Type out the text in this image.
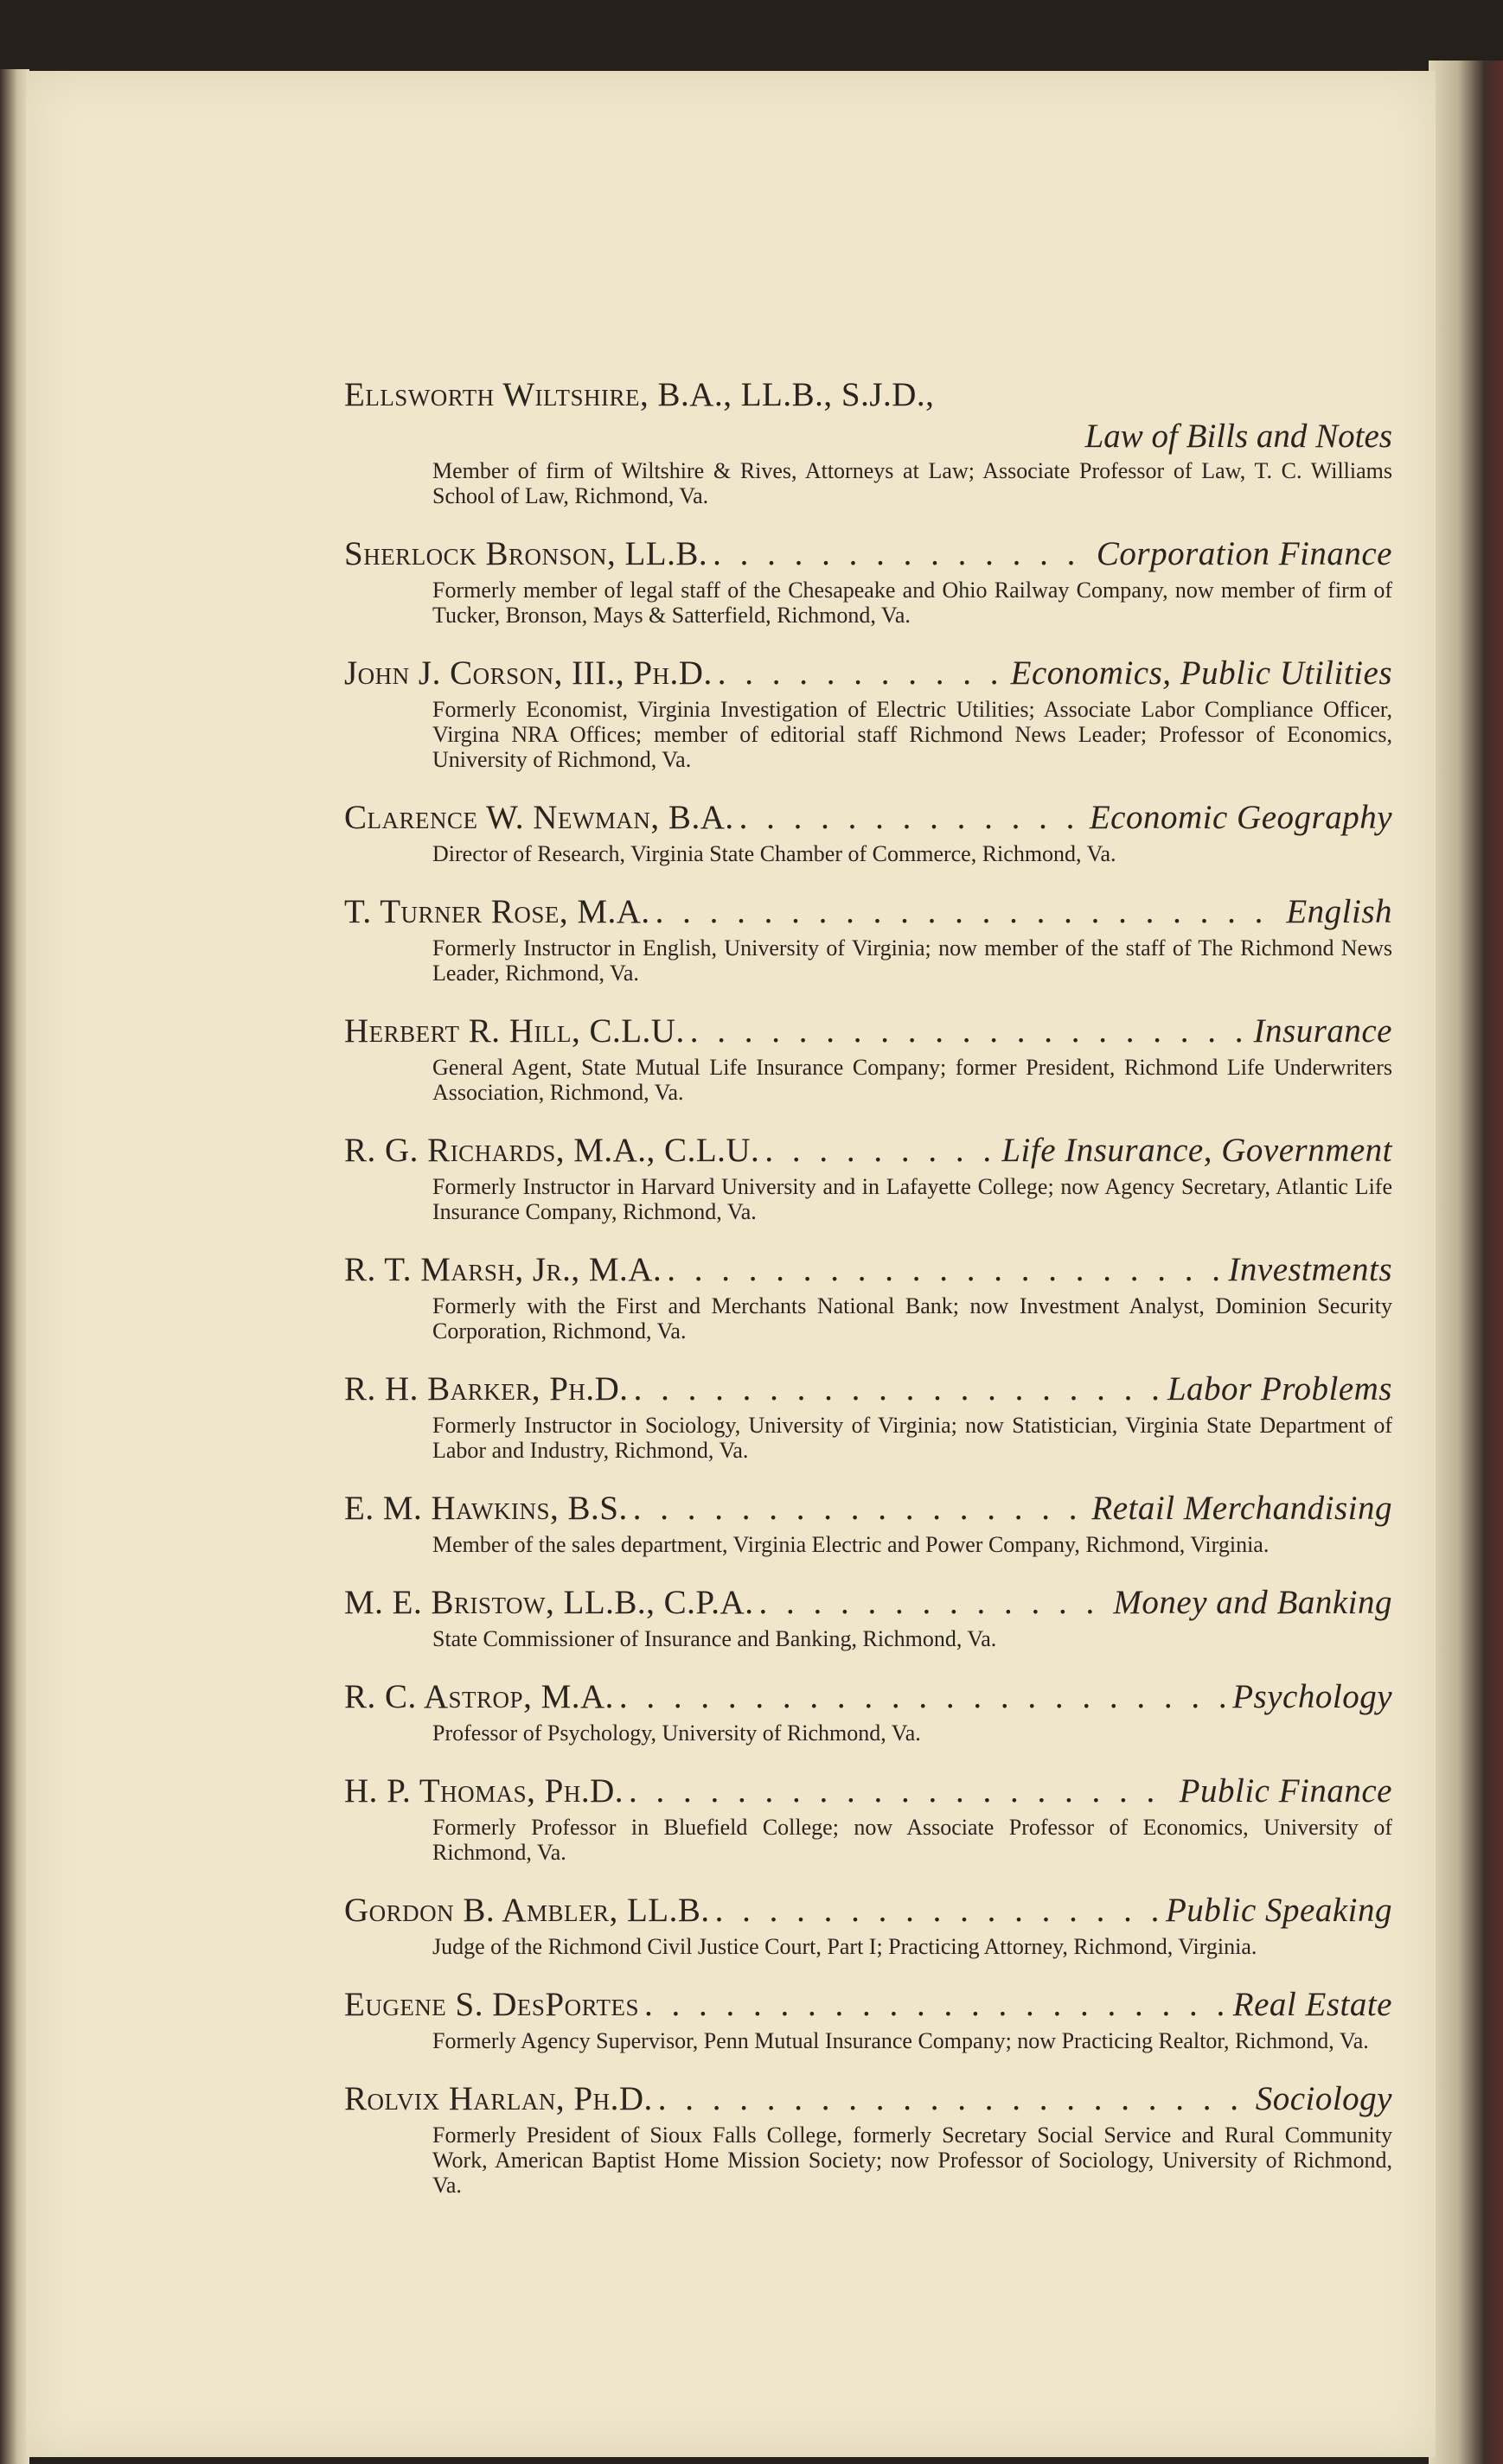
Ellsworth Wiltshire, B.A., LL.B., S.J.D.,
Law of Bills and Notes
Member of firm of Wiltshire & Rives, Attorneys at Law; Associate Professor of Law, T. C. Williams School of Law, Richmond, Va.
Sherlock Bronson, LL.B. . . .	Corporation Finance
Formerly member of legal staff of the Chesapeake and Ohio Railway Company, now member of firm of Tucker, Bronson, Mays & Satterfield, Richmond, Va.
John J. Corson, III., Ph.D. . . .	Economics, Public Utilities
Formerly Economist, Virginia Investigation of Electric Utilities; Associate Labor Compliance Officer, Virgina NRA Offices; member of editorial staff Richmond News Leader; Professor of Economics, University of Richmond, Va.
Clarence W. Newman, B.A. . . .	Economic Geography
Director of Research, Virginia State Chamber of Commerce, Richmond, Va.
T. Turner Rose, M.A. . . .	English
Formerly Instructor in English, University of Virginia; now member of the staff of The Richmond News Leader, Richmond, Va.
Herbert R. Hill, C.L.U. . . .	Insurance
General Agent, State Mutual Life Insurance Company; former President, Richmond Life Underwriters Association, Richmond, Va.
R. G. Richards, M.A., C.L.U. . . .	Life Insurance, Government
Formerly Instructor in Harvard University and in Lafayette College; now Agency Secretary, Atlantic Life Insurance Company, Richmond, Va.
R. T. Marsh, Jr., M.A. . . .	Investments
Formerly with the First and Merchants National Bank; now Investment Analyst, Dominion Security Corporation, Richmond, Va.
R. H. Barker, Ph.D. . . .	Labor Problems
Formerly Instructor in Sociology, University of Virginia; now Statistician, Virginia State Department of Labor and Industry, Richmond, Va.
E. M. Hawkins, B.S. . . .	Retail Merchandising
Member of the sales department, Virginia Electric and Power Company, Richmond, Virginia.
M. E. Bristow, LL.B., C.P.A. . . .	Money and Banking
State Commissioner of Insurance and Banking, Richmond, Va.
R. C. Astrop, M.A. . . .	Psychology
Professor of Psychology, University of Richmond, Va.
H. P. Thomas, Ph.D. . . .	Public Finance
Formerly Professor in Bluefield College; now Associate Professor of Economics, University of Richmond, Va.
Gordon B. Ambler, LL.B. . . .	Public Speaking
Judge of the Richmond Civil Justice Court, Part I; Practicing Attorney, Richmond, Virginia.
Eugene S. DesPortes . . .	Real Estate
Formerly Agency Supervisor, Penn Mutual Insurance Company; now Practicing Realtor, Richmond, Va.
Rolvix Harlan, Ph.D. . . .	Sociology
Formerly President of Sioux Falls College, formerly Secretary Social Service and Rural Community Work, American Baptist Home Mission Society; now Professor of Sociology, University of Richmond, Va.
